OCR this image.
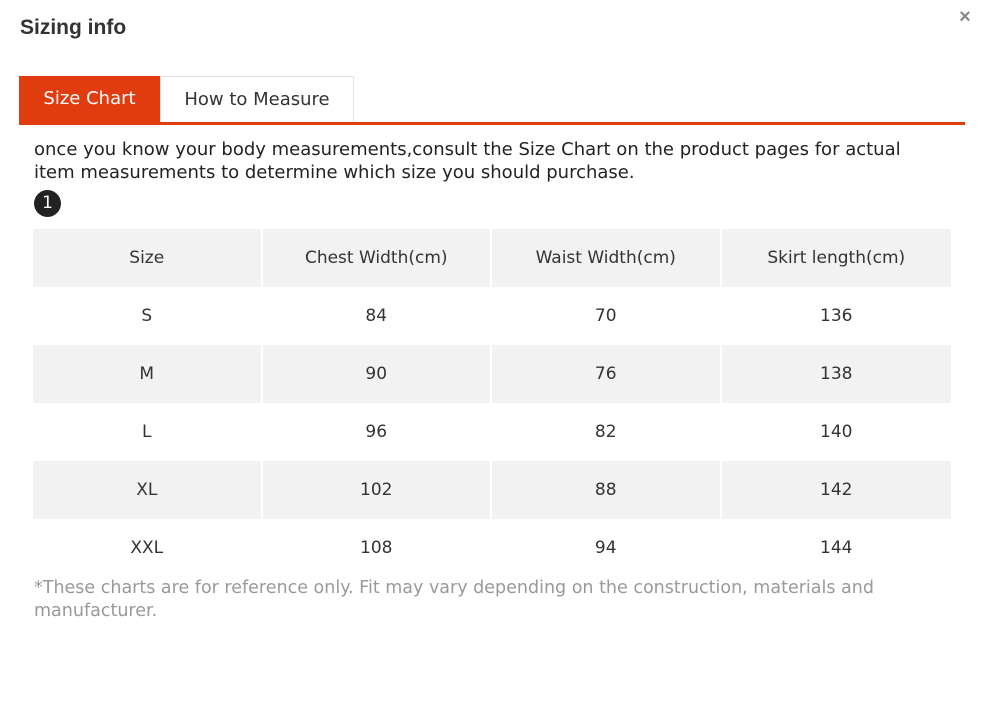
Sizing info	×
Size Chart	How to Measure
once you know your body measurements,consult the Size Chart on the product pages for actual item measurements to determine which size you should purchase.
1
Size	Chest Width(cm)	Waist Width(cm)	Skirt length(cm)
S	84	70	136
M	90	76	138
L	96	82	140
XL	102	88	142
XXL	108	94	144
*These charts are for reference only. Fit may vary depending on the construction, materials and manufacturer.
